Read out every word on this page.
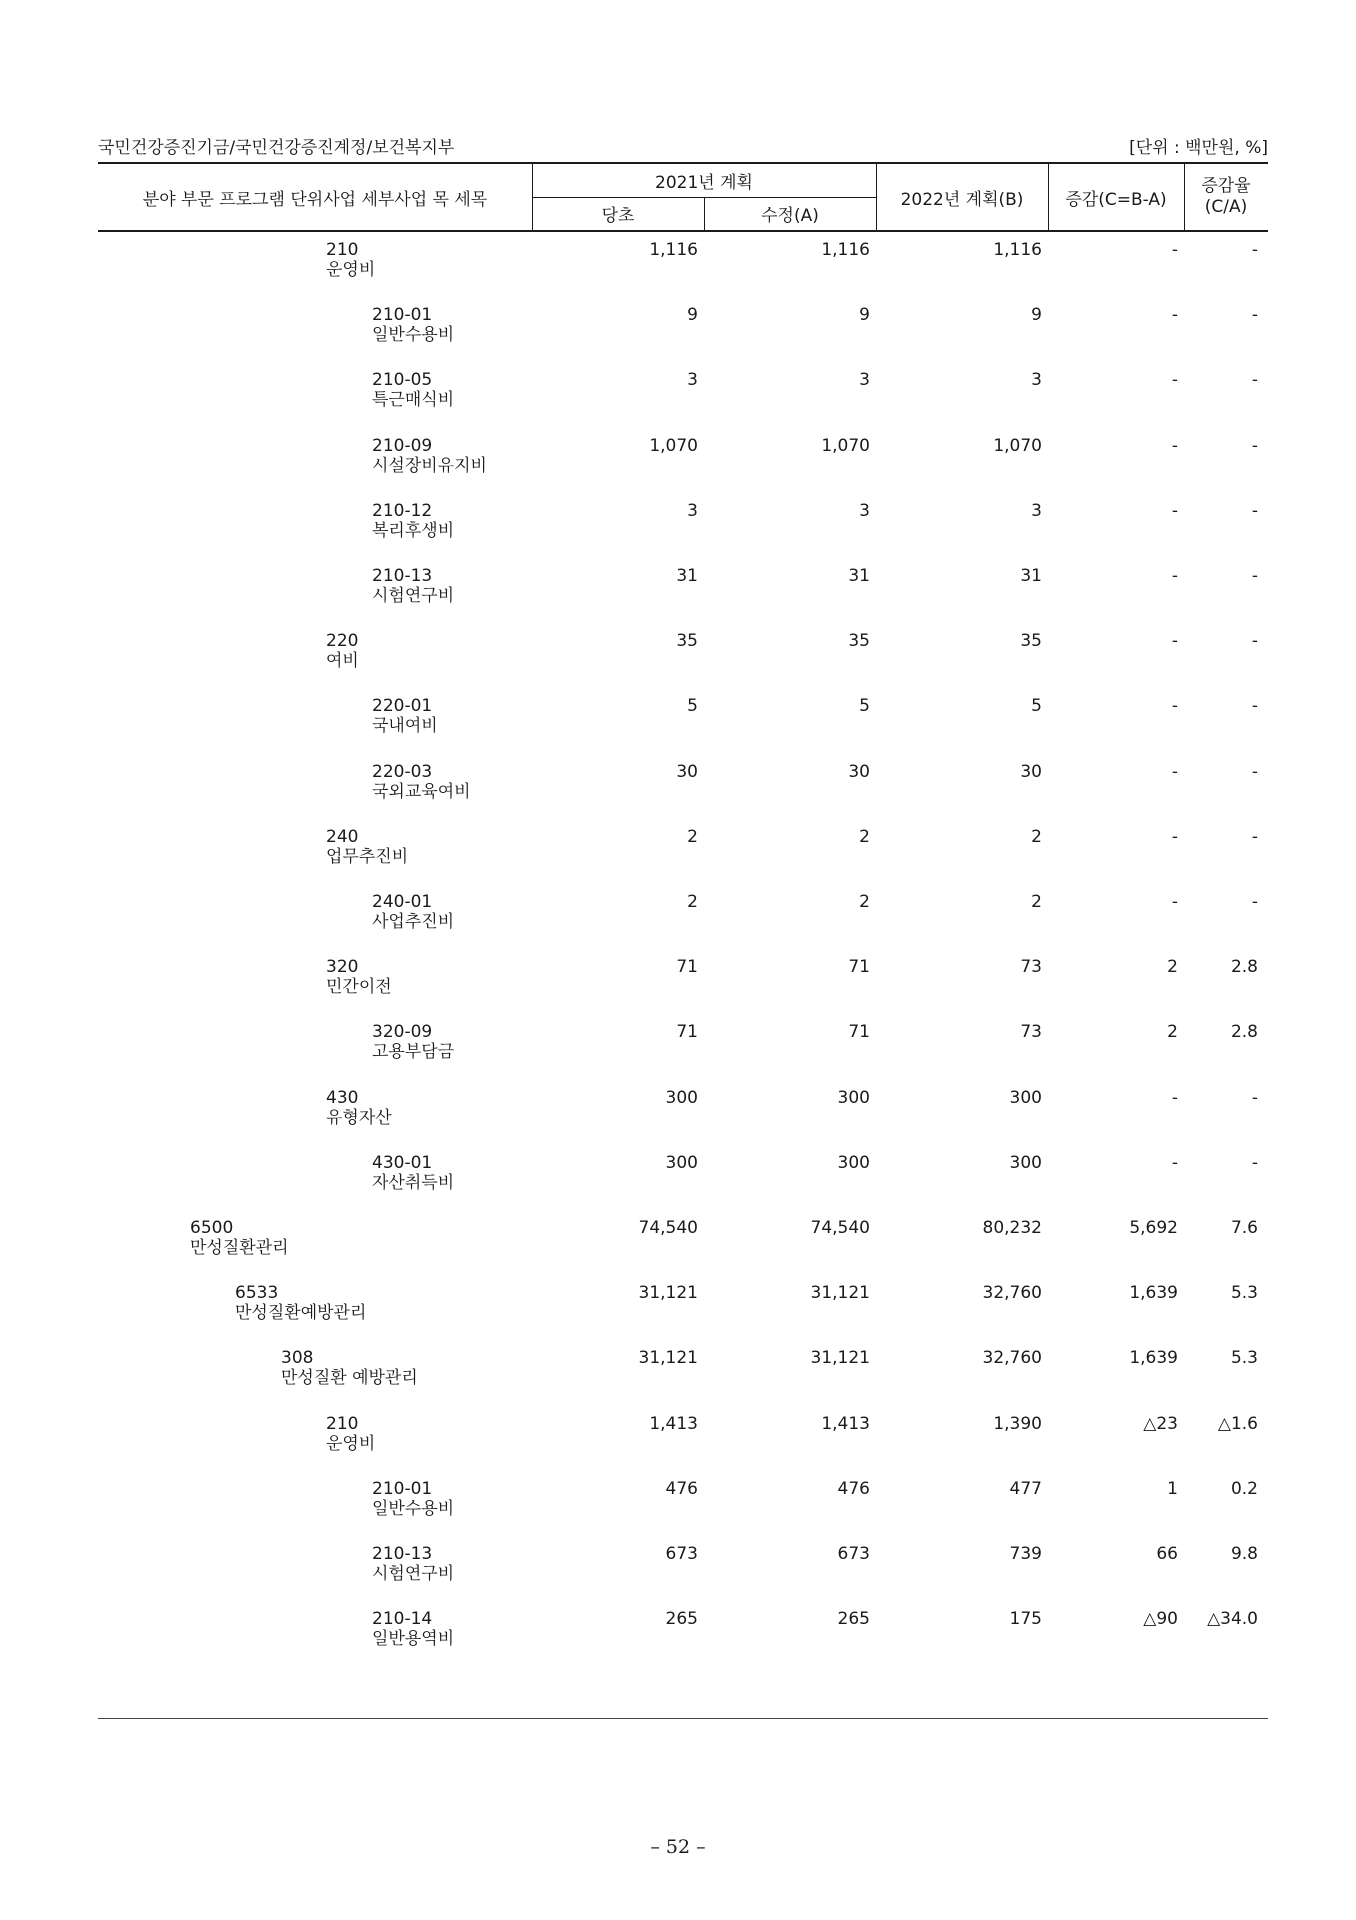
국민건강증진기금/국민건강증진계정/보건복지부	[단위 : 백만원, %]
분야 부문 프로그램 단위사업 세부사업 목 세목
2021년 계획
당초	수정(A)
2022년 계획(B)	증감(C=B-A)
증감율
(C/A)
210
운영비
1,116	1,116	1,116	-	-
210-01
일반수용비
9	9	9	-	-
210-05
특근매식비
3	3	3	-	-
210-09
시설장비유지비
1,070	1,070	1,070	-	-
210-12
복리후생비
3	3	3	-	-
210-13
시험연구비
31	31	31	-	-
220
여비
35	35	35	-	-
220-01
국내여비
5	5	5	-	-
220-03
국외교육여비
30	30	30	-	-
240
업무추진비
2	2	2	-	-
240-01
사업추진비
2	2	2	-	-
320
민간이전
71	71	73	2	2.8
320-09
고용부담금
71	71	73	2	2.8
430
유형자산
300	300	300	-	-
430-01
자산취득비
300	300	300	-	-
6500
만성질환관리
74,540	74,540	80,232	5,692	7.6
6533
만성질환예방관리
31,121	31,121	32,760	1,639	5.3
308
만성질환 예방관리
31,121	31,121	32,760	1,639	5.3
210
운영비
1,413	1,413	1,390	△23 △1.6
210-01
일반수용비
476	476	477	1	0.2
210-13
시험연구비
673	673	739	66	9.8
210-14
일반용역비
265	265	175	△90 △34.0
– 52 –
